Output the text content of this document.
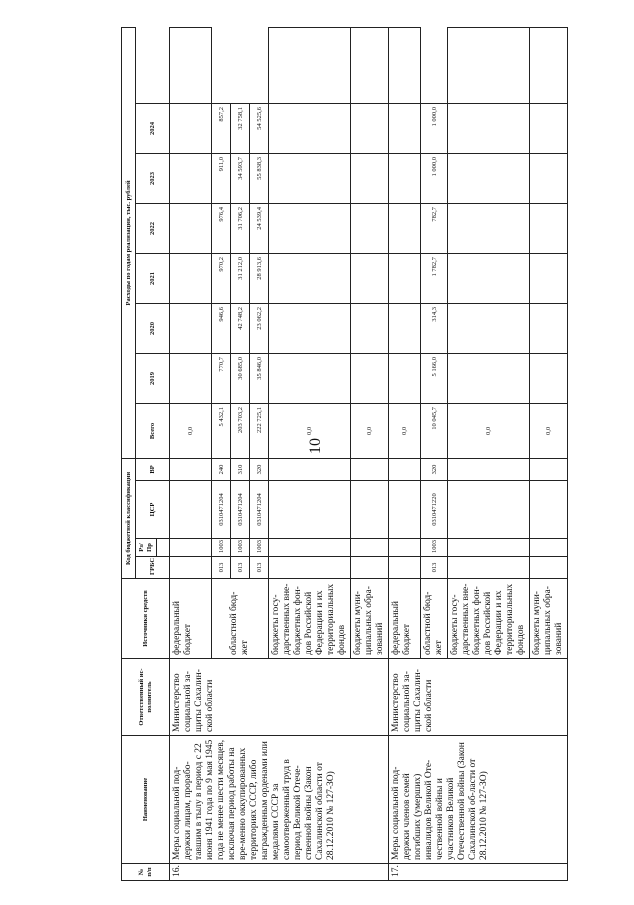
10
№ п/п	Наименование	Ответственный ис-полнитель	Источники средств	Код бюджетной классификации				Расходы по годам реализации, тыс. рублей							
				ГРБС	Рз/ Пр	ЦСР	ВР	Всего	2019	2020	2021	2022	2023	2024	

16.	Меры социальной под-держки лицам, прорабо-тавшим в тылу в период с 22 июня 1941 года по 9 мая 1945 года не менее шести месяцев, исключая период работы на вре-менно оккупированных территориях СССР, либо награжденным орденами или медалями СССР за самоотверженный труд в период Великой Отече-ственной войны (Закон Сахалинской области от 28.12.2010 № 127-ЗО)	Министерство социальной за-щиты Сахалин-ской области	федеральный бюджет					0,0							
			областной бюд-жет	013	1003	0310471204	240	5 432,1	770,7	946,6	970,2	976,4	911,0	857,2	
				013	1003	0310471204	310	203 703,2	30 685,0	42 748,2	31 212,0	31 706,2	34 593,7	32 758,1	
				013	1003	0310471204	320	222 725,1	35 846,0	23 062,2	28 913,6	24 539,4	55 838,3	54 525,6	
			бюджеты госу-дарственных вне-бюджетных фон-дов Российской Федерации и их территориальных фондов					0,0							
			бюджеты муни-ципальных обра-зований					0,0							
17.	Меры социальной под-держки членов семей погибших (умерших) инвалидов Великой Оте-чественной войны и участников Великой Отечественной войны (Закон Сахалинской об-ласти от 28.12.2010 № 127-ЗО)	Министерство социальной за-щиты Сахалин-ской области	федеральный бюджет					0,0							
			областной бюд-жет	013	1003	0310471220	320	10 045,7	5 166,0	314,3	1 782,7	782,7	1 000,0	1 000,0	
			бюджеты госу-дарственных вне-бюджетных фон-дов Российской Федерации и их территориальных фондов					0,0							
			бюджеты муни-ципальных обра-зований					0,0							
